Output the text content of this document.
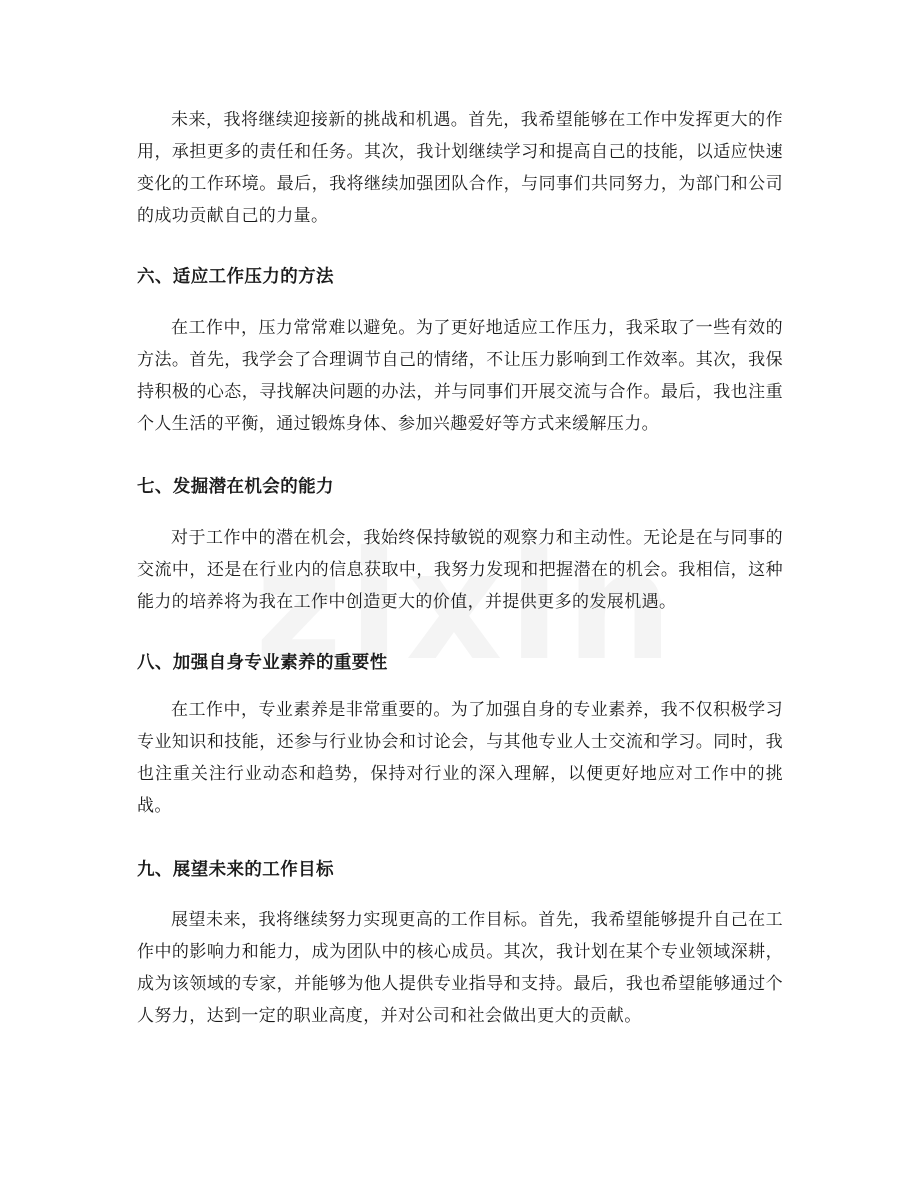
未来，我将继续迎接新的挑战和机遇。首先，我希望能够在工作中发挥更大的作用，承担更多的责任和任务。其次，我计划继续学习和提高自己的技能，以适应快速变化的工作环境。最后，我将继续加强团队合作，与同事们共同努力，为部门和公司的成功贡献自己的力量。

六、适应工作压力的方法

在工作中，压力常常难以避免。为了更好地适应工作压力，我采取了一些有效的方法。首先，我学会了合理调节自己的情绪，不让压力影响到工作效率。其次，我保持积极的心态，寻找解决问题的办法，并与同事们开展交流与合作。最后，我也注重个人生活的平衡，通过锻炼身体、参加兴趣爱好等方式来缓解压力。

七、发掘潜在机会的能力

对于工作中的潜在机会，我始终保持敏锐的观察力和主动性。无论是在与同事的交流中，还是在行业内的信息获取中，我努力发现和把握潜在的机会。我相信，这种能力的培养将为我在工作中创造更大的价值，并提供更多的发展机遇。

八、加强自身专业素养的重要性

在工作中，专业素养是非常重要的。为了加强自身的专业素养，我不仅积极学习专业知识和技能，还参与行业协会和讨论会，与其他专业人士交流和学习。同时，我也注重关注行业动态和趋势，保持对行业的深入理解，以便更好地应对工作中的挑战。

九、展望未来的工作目标

展望未来，我将继续努力实现更高的工作目标。首先，我希望能够提升自己在工作中的影响力和能力，成为团队中的核心成员。其次，我计划在某个专业领域深耕，成为该领域的专家，并能够为他人提供专业指导和支持。最后，我也希望能够通过个人努力，达到一定的职业高度，并对公司和社会做出更大的贡献。
